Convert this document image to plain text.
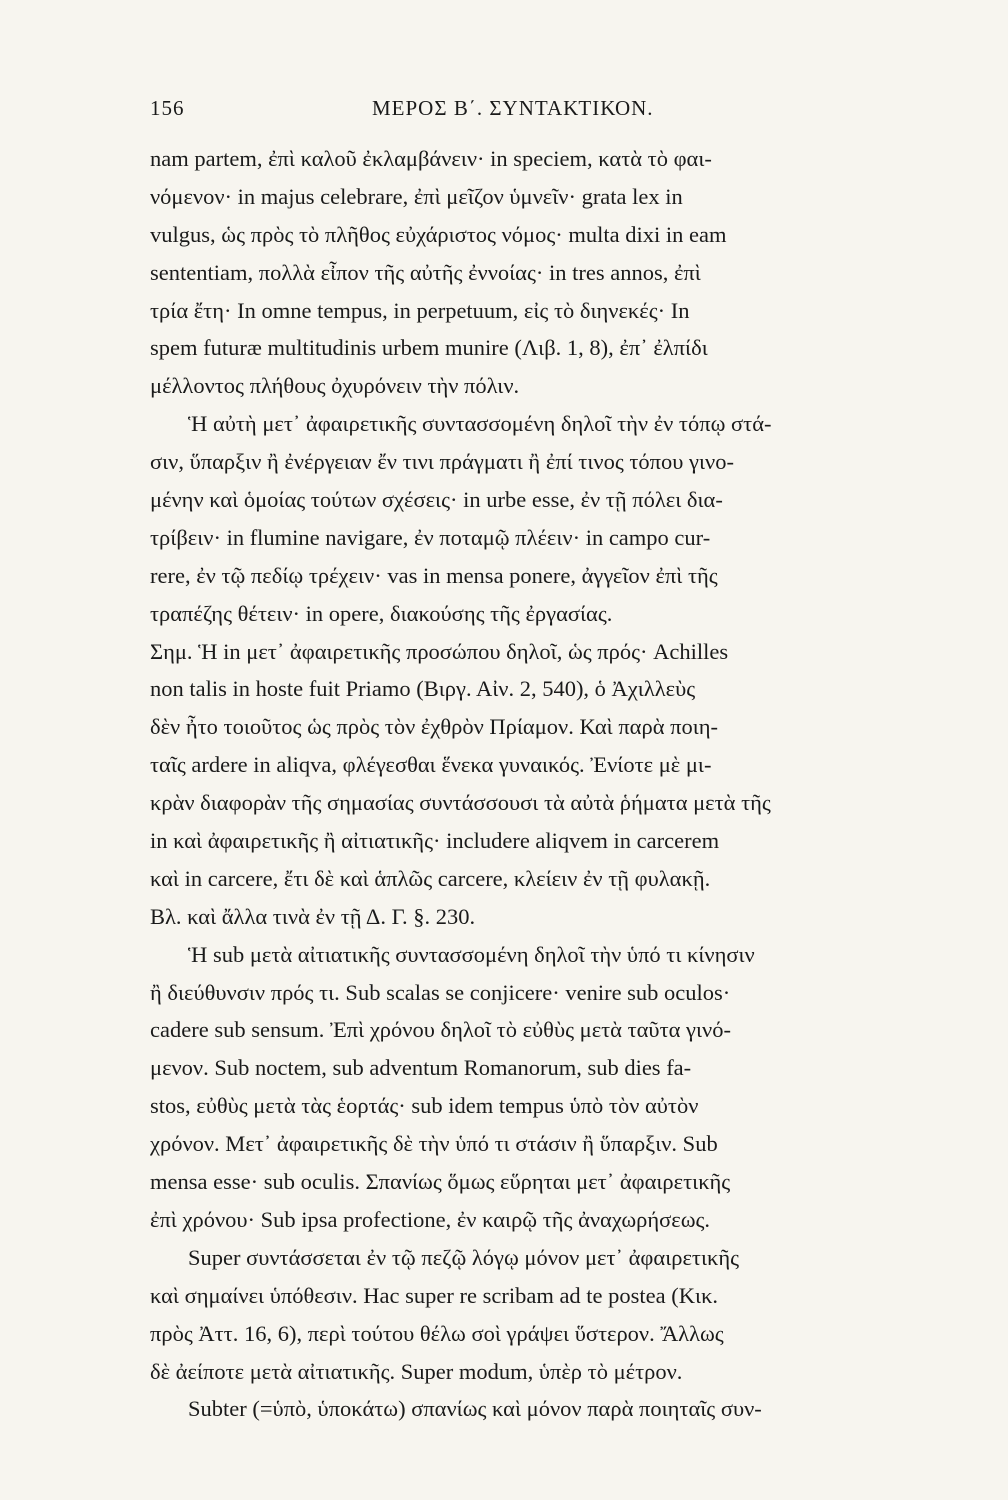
156	ΜΕΡΟΣ Β΄. ΣΥΝΤΑΚΤΙΚΟΝ.
nam partem, ἐπὶ καλοῦ ἐκλαμβάνειν· in speciem, κατὰ τὸ φαι-
νόμενον· in majus celebrare, ἐπὶ μεῖζον ὑμνεῖν· grata lex in
vulgus, ὡς πρὸς τὸ πλῆθος εὐχάριστος νόμος· multa dixi in eam
sententiam, πολλὰ εἶπον τῆς αὐτῆς ἐννοίας· in tres annos, ἐπὶ
τρία ἔτη· In omne tempus, in perpetuum, εἰς τὸ διηνεκές· In
spem futuræ multitudinis urbem munire (Λιβ. 1, 8), ἐπ᾽ ἐλπίδι
μέλλοντος πλήθους ὀχυρόνειν τὴν πόλιν.
Ἡ αὐτὴ μετ᾽ ἀφαιρετικῆς συντασσομένη δηλοῖ τὴν ἐν τόπῳ στά-
σιν, ὕπαρξιν ἢ ἐνέργειαν ἔν τινι πράγματι ἢ ἐπί τινος τόπου γινο-
μένην καὶ ὁμοίας τούτων σχέσεις· in urbe esse, ἐν τῇ πόλει δια-
τρίβειν· in flumine navigare, ἐν ποταμῷ πλέειν· in campo cur-
rere, ἐν τῷ πεδίῳ τρέχειν· vas in mensa ponere, ἀγγεῖον ἐπὶ τῆς
τραπέζης θέτειν· in opere, διακούσης τῆς ἐργασίας.
Σημ. Ἡ in μετ᾽ ἀφαιρετικῆς προσώπου δηλοῖ, ὡς πρός· Achilles
non talis in hoste fuit Priamo (Βιργ. Αἰν. 2, 540), ὁ Ἀχιλλεὺς
δὲν ἦτο τοιοῦτος ὡς πρὸς τὸν ἐχθρὸν Πρίαμον. Καὶ παρὰ ποιη-
ταῖς ardere in aliqva, φλέγεσθαι ἕνεκα γυναικός. Ἐνίοτε μὲ μι-
κρὰν διαφορὰν τῆς σημασίας συντάσσουσι τὰ αὐτὰ ῥήματα μετὰ τῆς
in καὶ ἀφαιρετικῆς ἢ αἰτιατικῆς· includere aliqvem in carcerem
καὶ in carcere, ἔτι δὲ καὶ ἁπλῶς carcere, κλείειν ἐν τῇ φυλακῇ.
Βλ. καὶ ἄλλα τινὰ ἐν τῇ Δ. Γ. §. 230.
Ἡ sub μετὰ αἰτιατικῆς συντασσομένη δηλοῖ τὴν ὑπό τι κίνησιν
ἢ διεύθυνσιν πρός τι. Sub scalas se conjicere· venire sub oculos·
cadere sub sensum. Ἐπὶ χρόνου δηλοῖ τὸ εὐθὺς μετὰ ταῦτα γινό-
μενον. Sub noctem, sub adventum Romanorum, sub dies fa-
stos, εὐθὺς μετὰ τὰς ἑορτάς· sub idem tempus ὑπὸ τὸν αὐτὸν
χρόνον. Μετ᾽ ἀφαιρετικῆς δὲ τὴν ὑπό τι στάσιν ἢ ὕπαρξιν. Sub
mensa esse· sub oculis. Σπανίως ὅμως εὕρηται μετ᾽ ἀφαιρετικῆς
ἐπὶ χρόνου· Sub ipsa profectione, ἐν καιρῷ τῆς ἀναχωρήσεως.
Super συντάσσεται ἐν τῷ πεζῷ λόγῳ μόνον μετ᾽ ἀφαιρετικῆς
καὶ σημαίνει ὑπόθεσιν. Hac super re scribam ad te postea (Κικ.
πρὸς Ἀττ. 16, 6), περὶ τούτου θέλω σοὶ γράψει ὕστερον. Ἄλλως
δὲ ἀείποτε μετὰ αἰτιατικῆς. Super modum, ὑπὲρ τὸ μέτρον.
Subter (=ὑπὸ, ὑποκάτω) σπανίως καὶ μόνον παρὰ ποιηταῖς συν-
